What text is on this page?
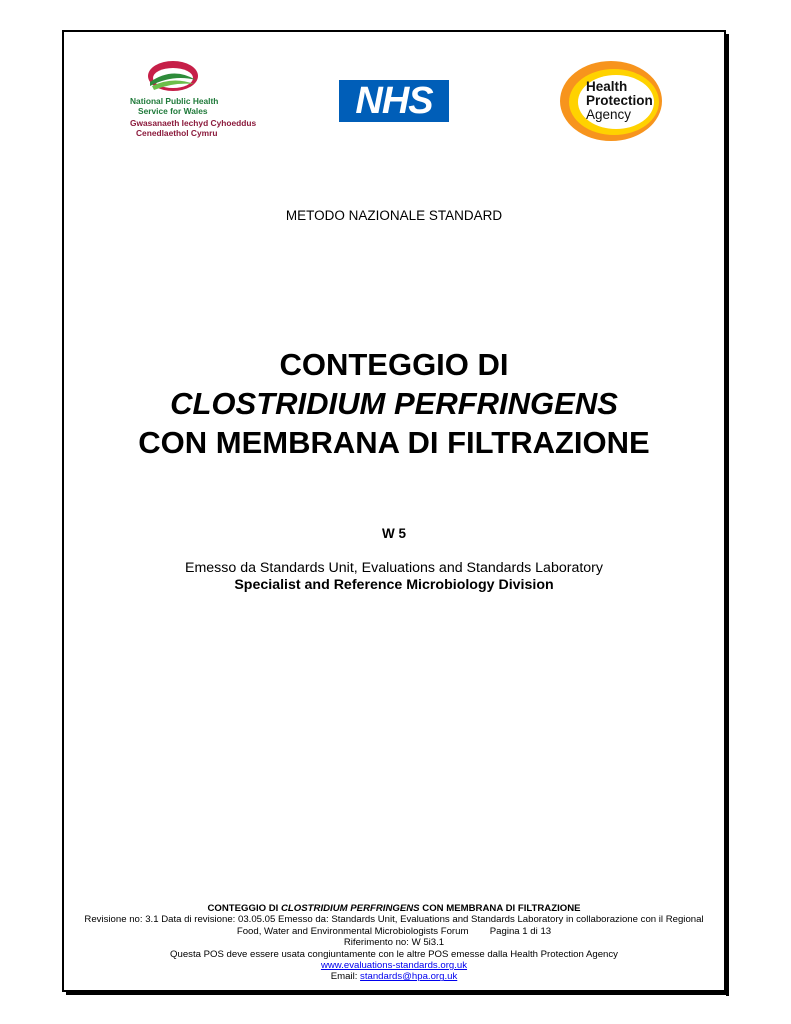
National Public Health
Service for Wales
Gwasanaeth Iechyd Cyhoeddus
Cenedlaethol Cymru
NHS	Health
Protection
Agency
METODO NAZIONALE STANDARD
CONTEGGIO DI
CLOSTRIDIUM PERFRINGENS
CON MEMBRANA DI FILTRAZIONE
W 5
Emesso da Standards Unit, Evaluations and Standards Laboratory
Specialist and Reference Microbiology Division
CONTEGGIO DI CLOSTRIDIUM PERFRINGENS CON MEMBRANA DI FILTRAZIONE
Revisione no: 3.1 Data di revisione: 03.05.05 Emesso da: Standards Unit, Evaluations and Standards Laboratory in collaborazione con il Regional
Food, Water and Environmental Microbiologists Forum        Pagina 1 di 13
Riferimento no: W 5i3.1
Questa POS deve essere usata congiuntamente con le altre POS emesse dalla Health Protection Agency
www.evaluations-standards.org.uk
Email: standards@hpa.org.uk
